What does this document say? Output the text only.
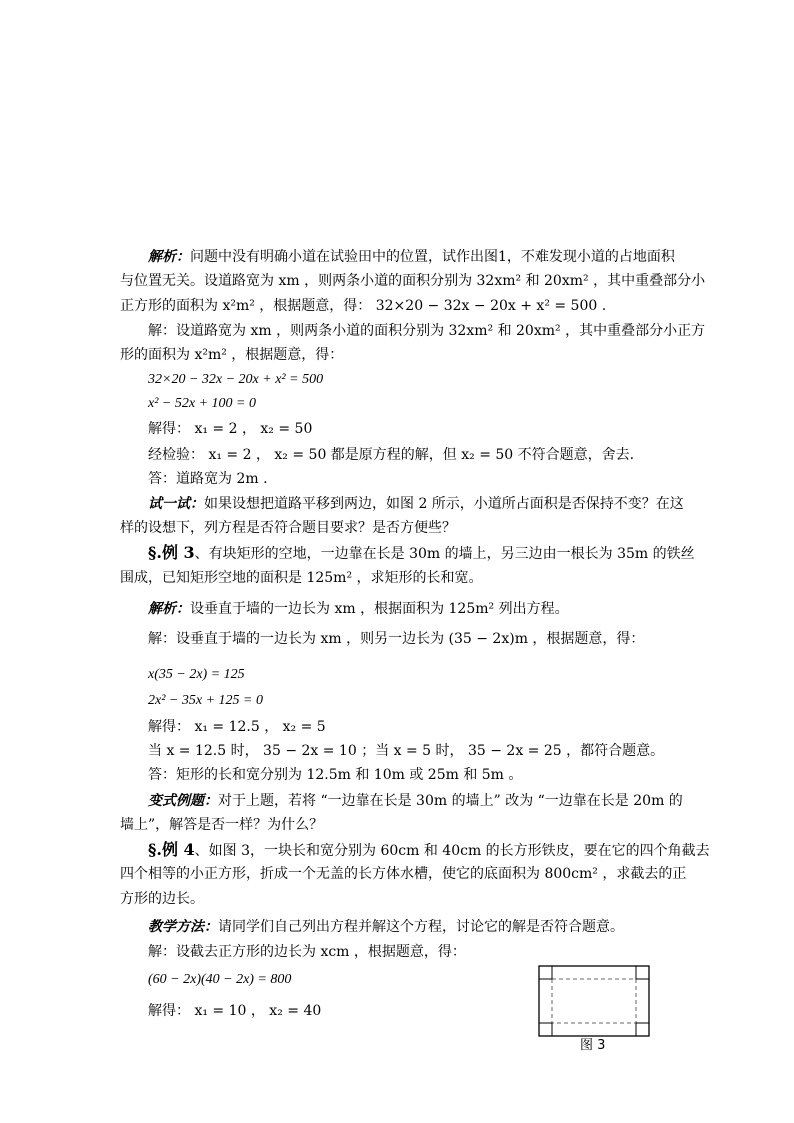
解析：问题中没有明确小道在试验田中的位置，试作出图1，不难发现小道的占地面积
与位置无关。设道路宽为 xm ，则两条小道的面积分别为 32xm² 和 20xm² ，其中重叠部分小
正方形的面积为 x²m² ，根据题意，得： 32×20 − 32x − 20x + x² = 500 .
解：设道路宽为 xm ，则两条小道的面积分别为 32xm² 和 20xm² ，其中重叠部分小正方
形的面积为 x²m² ，根据题意，得：
32×20 − 32x − 20x + x² = 500
x² − 52x + 100 = 0
解得： x₁ = 2 ， x₂ = 50
经检验： x₁ = 2 ， x₂ = 50 都是原方程的解，但 x₂ = 50 不符合题意，舍去.
答：道路宽为 2m .
试一试：如果设想把道路平移到两边，如图 2 所示，小道所占面积是否保持不变？在这
样的设想下，列方程是否符合题目要求？是否方便些？
§.例 3、有块矩形的空地，一边靠在长是 30m 的墙上，另三边由一根长为 35m 的铁丝
围成，已知矩形空地的面积是 125m² ，求矩形的长和宽。
解析：设垂直于墙的一边长为 xm ，根据面积为 125m² 列出方程。
解：设垂直于墙的一边长为 xm ，则另一边长为 (35 − 2x)m ，根据题意，得：
x(35 − 2x) = 125
2x² − 35x + 125 = 0
解得： x₁ = 12.5 ， x₂ = 5
当 x = 12.5 时， 35 − 2x = 10 ；当 x = 5 时， 35 − 2x = 25 ，都符合题意。
答：矩形的长和宽分别为 12.5m 和 10m 或 25m 和 5m 。
变式例题：对于上题，若将 “一边靠在长是 30m 的墙上” 改为 “一边靠在长是 20m 的
墙上”，解答是否一样？为什么？
§.例 4、如图 3，一块长和宽分别为 60cm 和 40cm 的长方形铁皮，要在它的四个角截去
四个相等的小正方形，折成一个无盖的长方体水槽，使它的底面积为 800cm² ，求截去的正
方形的边长。
教学方法：请同学们自己列出方程并解这个方程，讨论它的解是否符合题意。
解：设截去正方形的边长为 xcm ，根据题意，得：
(60 − 2x)(40 − 2x) = 800
解得： x₁ = 10 ， x₂ = 40
图 3
